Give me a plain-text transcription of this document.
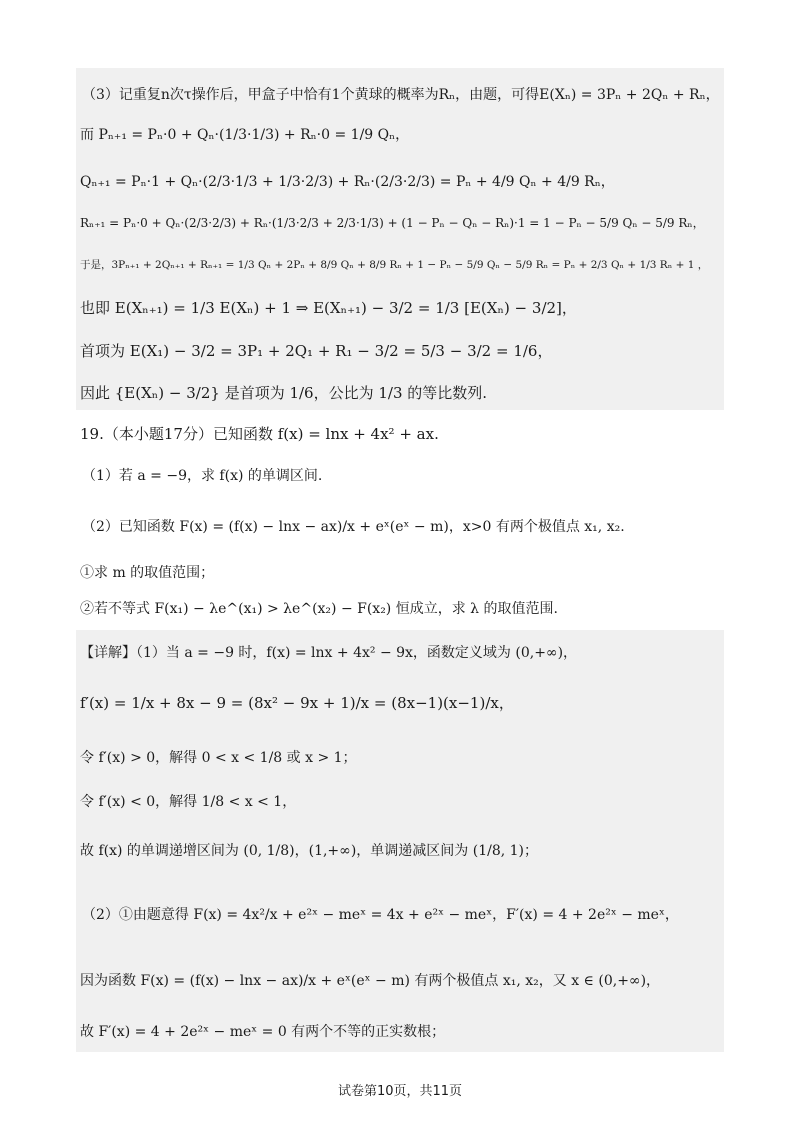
（3）记重复n次τ操作后，甲盒子中恰有1个黄球的概率为Rₙ，由题，可得E(Xₙ) = 3Pₙ + 2Qₙ + Rₙ，
而 Pₙ₊₁ = Pₙ·0 + Qₙ·(1/3·1/3) + Rₙ·0 = 1/9 Qₙ，
Qₙ₊₁ = Pₙ·1 + Qₙ·(2/3·1/3 + 1/3·2/3) + Rₙ·(2/3·2/3) = Pₙ + 4/9 Qₙ + 4/9 Rₙ，
Rₙ₊₁ = Pₙ·0 + Qₙ·(2/3·2/3) + Rₙ·(1/3·2/3 + 2/3·1/3) + (1 − Pₙ − Qₙ − Rₙ)·1 = 1 − Pₙ − 5/9 Qₙ − 5/9 Rₙ，
于是，3Pₙ₊₁ + 2Qₙ₊₁ + Rₙ₊₁ = 1/3 Qₙ + 2Pₙ + 8/9 Qₙ + 8/9 Rₙ + 1 − Pₙ − 5/9 Qₙ − 5/9 Rₙ = Pₙ + 2/3 Qₙ + 1/3 Rₙ + 1 ，
也即 E(Xₙ₊₁) = 1/3 E(Xₙ) + 1 ⇒ E(Xₙ₊₁) − 3/2 = 1/3 [E(Xₙ) − 3/2]，
首项为 E(X₁) − 3/2 = 3P₁ + 2Q₁ + R₁ − 3/2 = 5/3 − 3/2 = 1/6，
因此 {E(Xₙ) − 3/2} 是首项为 1/6，公比为 1/3 的等比数列.
19.（本小题17分）已知函数 f(x) = lnx + 4x² + ax.
（1）若 a = −9，求 f(x) 的单调区间.
（2）已知函数 F(x) = (f(x) − lnx − ax)/x + eˣ(eˣ − m)，x>0 有两个极值点 x₁, x₂.
①求 m 的取值范围；
②若不等式 F(x₁) − λe^(x₁) > λe^(x₂) − F(x₂) 恒成立，求 λ 的取值范围.
【详解】（1）当 a = −9 时，f(x) = lnx + 4x² − 9x，函数定义域为 (0,+∞)，
f′(x) = 1/x + 8x − 9 = (8x² − 9x + 1)/x = (8x−1)(x−1)/x，
令 f′(x) > 0，解得 0 < x < 1/8 或 x > 1；
令 f′(x) < 0，解得 1/8 < x < 1，
故 f(x) 的单调递增区间为 (0, 1/8)，(1,+∞)，单调递减区间为 (1/8, 1)；
（2）①由题意得 F(x) = 4x²/x + e²ˣ − meˣ = 4x + e²ˣ − meˣ，F′(x) = 4 + 2e²ˣ − meˣ，
因为函数 F(x) = (f(x) − lnx − ax)/x + eˣ(eˣ − m) 有两个极值点 x₁, x₂，又 x ∈ (0,+∞)，
故 F′(x) = 4 + 2e²ˣ − meˣ = 0 有两个不等的正实数根；
试卷第10页，共11页
